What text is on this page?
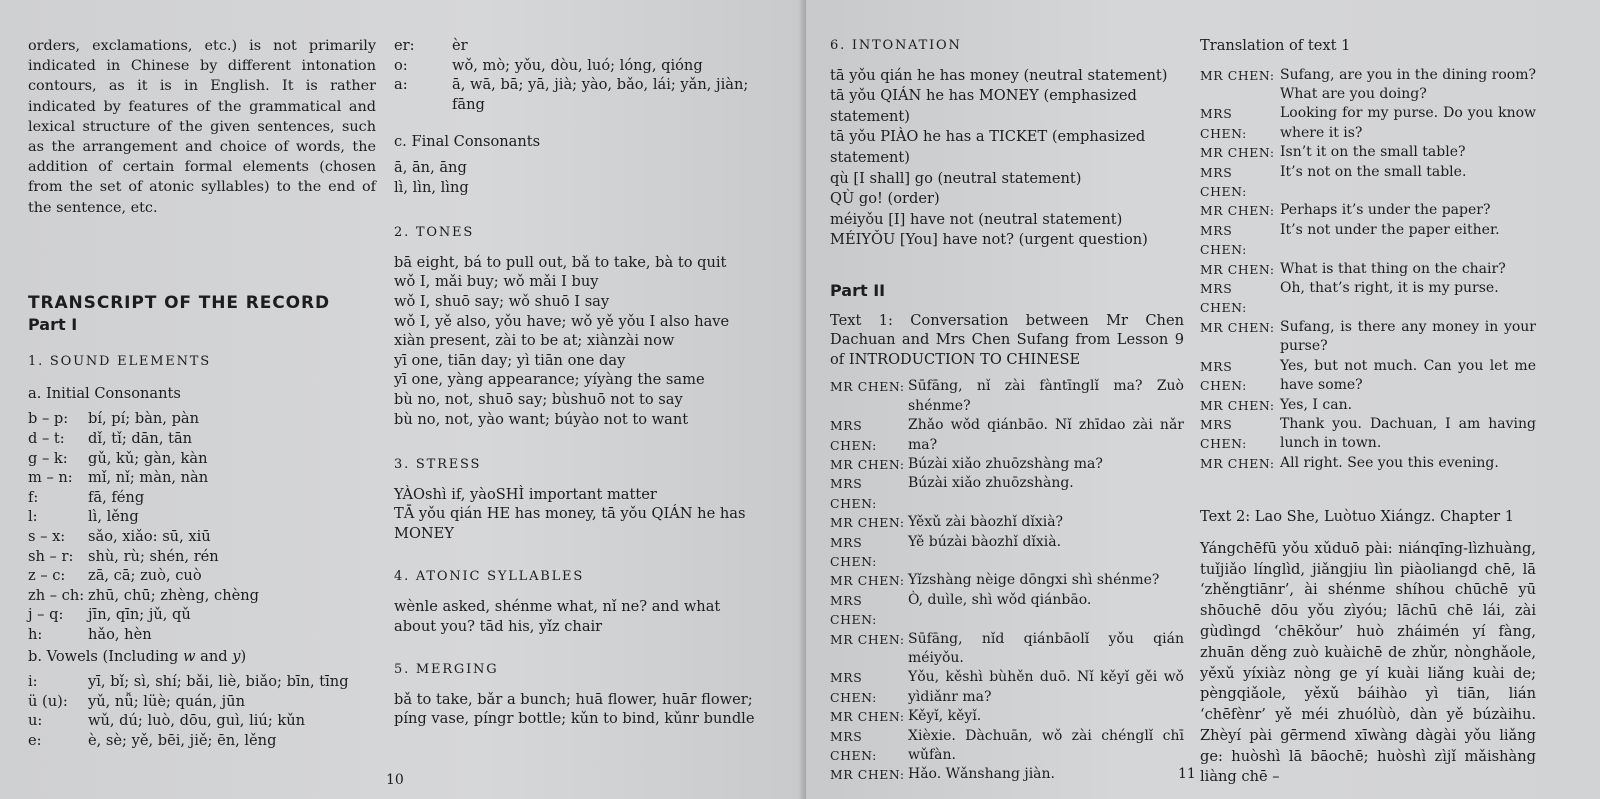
orders, exclamations, etc.) is not primarily indicated in Chinese by different intonation contours, as it is in English. It is rather indicated by features of the grammatical and lexical structure of the given sentences, such as the arrangement and choice of words, the addition of certain formal elements (chosen from the set of atonic syllables) to the end of the sentence, etc.

TRANSCRIPT OF THE RECORD
Part I
1. SOUND ELEMENTS
a. Initial Consonants
b – p:	bí, pí; bàn, pàn
d – t:	dǐ, tǐ; dān, tān
g – k:	gǔ, kǔ; gàn, kàn
m – n:	mǐ, nǐ; màn, nàn
f:	fā, féng
l:	lì, lěng
s – x:	sǎo, xiǎo: sū, xiū
sh – r:	shù, rù; shén, rén
z – c:	zā, cā; zuò, cuò
zh – ch: zhū, chū; zhèng, chèng
j – q:	jīn, qīn; jǔ, qǔ
h:	hǎo, hèn
b. Vowels (Including w and y)
i:	yī, bǐ; sì, shí; bǎi, liè, biǎo; bīn, tīng
ü (u):	yǔ, nǚ; lüè; quán, jūn
u:	wǔ, dú; luò, dōu, guì, liú; kǔn
e:	è, sè; yě, bēi, jiě; ēn, lěng
er:	èr
o:	wǒ, mò; yǒu, dòu, luó; lóng, qióng
a:	ā, wā, bā; yā, jià; yào, bǎo, lái; yǎn, jiàn; fāng
c. Final Consonants
ā, ān, āng
lì, lìn, lìng
2. TONES
bā eight, bá to pull out, bǎ to take, bà to quit
wǒ I, mǎi buy; wǒ mǎi I buy
wǒ I, shuō say; wǒ shuō I say
wǒ I, yě also, yǒu have; wǒ yě yǒu I also have
xiàn present, zài to be at; xiànzài now
yī one, tiān day; yì tiān one day
yī one, yàng appearance; yíyàng the same
bù no, not, shuō say; bùshuō not to say
bù no, not, yào want; búyào not to want
3. STRESS
YÀOshì if, yàoSHÌ important matter
TĀ yǒu qián HE has money, tā yǒu QIÁN he has MONEY
4. ATONIC SYLLABLES

wènle asked, shénme what, nǐ ne? and what about you? tād his, yǐz chair

5. MERGING

bǎ to take, bǎr a bunch; huā flower, huār flower; píng vase, píngr bottle; kǔn to bind, kǔnr bundle

10
6. INTONATION
tā yǒu qián he has money (neutral statement)
tā yǒu QIÁN he has MONEY (emphasized statement)
tā yǒu PIÀO he has a TICKET (emphasized statement)
qù [I shall] go (neutral statement)
QÙ go! (order)
méiyǒu [I] have not (neutral statement)
MÉIYǑU [You] have not? (urgent question)
Part II

Text 1: Conversation between Mr Chen Dachuan and Mrs Chen Sufang from Lesson 9 of INTRODUCTION TO CHINESE

MR CHEN: Sūfāng, nǐ zài fàntīnglǐ ma? Zuò shénme?
MRS CHEN:
Zhǎo wǒd qiánbāo. Nǐ zhīdao zài nǎr ma?
MR CHEN: Búzài xiǎo zhuōzshàng ma?
MRS CHEN:
Búzài xiǎo zhuōzshàng.
MR CHEN: Yěxǔ zài bàozhǐ dǐxià?
MRS CHEN:
Yě búzài bàozhǐ dǐxià.
MR CHEN: Yǐzshàng nèige dōngxi shì shénme?
MRS CHEN:
Ò, duìle, shì wǒd qiánbāo.
MR CHEN: Sūfāng, nǐd qiánbāolǐ yǒu qián méiyǒu.
MRS CHEN:
Yǒu, kěshì bùhěn duō. Nǐ kěyǐ gěi wǒ yìdiǎnr ma?
MR CHEN: Kěyǐ, kěyǐ.
MRS CHEN:
Xièxie. Dàchuān, wǒ zài chénglǐ chī wǔfàn.
MR CHEN: Hǎo. Wǎnshang jiàn.
Translation of text 1
MR CHEN: Sufang, are you in the dining room? What are you doing?
MRS CHEN:
Looking for my purse. Do you know where it is?
MR CHEN: Isn’t it on the small table?
MRS CHEN:
It’s not on the small table.
MR CHEN: Perhaps it’s under the paper?
MRS CHEN:
It’s not under the paper either.
MR CHEN: What is that thing on the chair?
MRS CHEN:
Oh, that’s right, it is my purse.
MR CHEN: Sufang, is there any money in your purse?
MRS CHEN:
Yes, but not much. Can you let me have some?
MR CHEN: Yes, I can.
MRS CHEN:
Thank you. Dachuan, I am having lunch in town.
MR CHEN: All right. See you this evening.
Text 2: Lao She, Luòtuo Xiángz. Chapter 1

Yángchēfū yǒu xǔduō pài: niánqīng-lìzhuàng, tuǐjiǎo línglìd, jiǎngjiu lìn piàoliangd chē, lā ‘zhěngtiānr’, ài shénme shíhou chūchē yū shōuchē dōu yǒu zìyóu; lāchū chē lái, zài gùdìngd ‘chēkǒur’ huò zháimén yí fàng, zhuān děng zuò kuàichē de zhǔr, nònghǎole, yěxǔ yíxiàz nòng ge yí kuài liǎng kuài de; pèngqiǎole, yěxǔ báihào yì tiān, lián ‘chēfènr’ yě méi zhuólùò, dàn yě búzàihu. Zhèyí pài gērmend xīwàng dàgài yǒu liǎng ge: huòshì lā bāochē; huòshì zìjǐ mǎishàng liàng chē –

11
